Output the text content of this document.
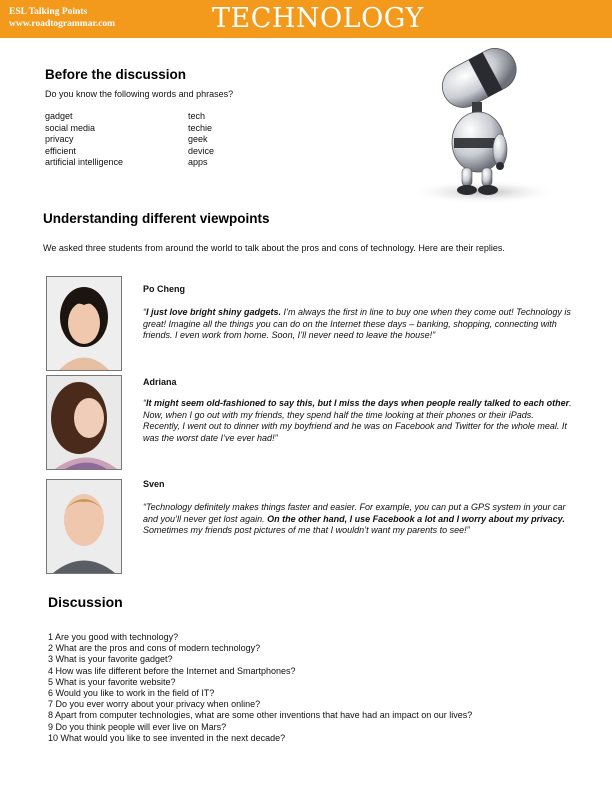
ESL Talking Points
www.roadtogrammar.com	TECHNOLOGY
Before the discussion
Do you know the following words and phrases?
gadget
social media
privacy
efficient
artificial intelligence
tech
techie
geek
device
apps
Understanding different viewpoints
We asked three students from around the world to talk about the pros and cons of technology. Here are their replies.
Po Cheng
“I just love bright shiny gadgets. I’m always the first in line to buy one when they come out! Technology is great! Imagine all the things you can do on the Internet these days – banking, shopping, connecting with friends. I even work from home. Soon, I’ll never need to leave the house!”
Adriana
“It might seem old-fashioned to say this, but I miss the days when people really talked to each other. Now, when I go out with my friends, they spend half the time looking at their phones or their iPads. Recently, I went out to dinner with my boyfriend and he was on Facebook and Twitter for the whole meal. It was the worst date I’ve ever had!”
Sven
“Technology definitely makes things faster and easier. For example, you can put a GPS system in your car and you’ll never get lost again. On the other hand, I use Facebook a lot and I worry about my privacy. Sometimes my friends post pictures of me that I wouldn’t want my parents to see!”
Discussion
1 Are you good with technology?
2 What are the pros and cons of modern technology?
3 What is your favorite gadget?
4 How was life different before the Internet and Smartphones?
5 What is your favorite website?
6 Would you like to work in the field of IT?
7 Do you ever worry about your privacy when online?
8 Apart from computer technologies, what are some other inventions that have had an impact on our lives?
9 Do you think people will ever live on Mars?
10 What would you like to see invented in the next decade?
